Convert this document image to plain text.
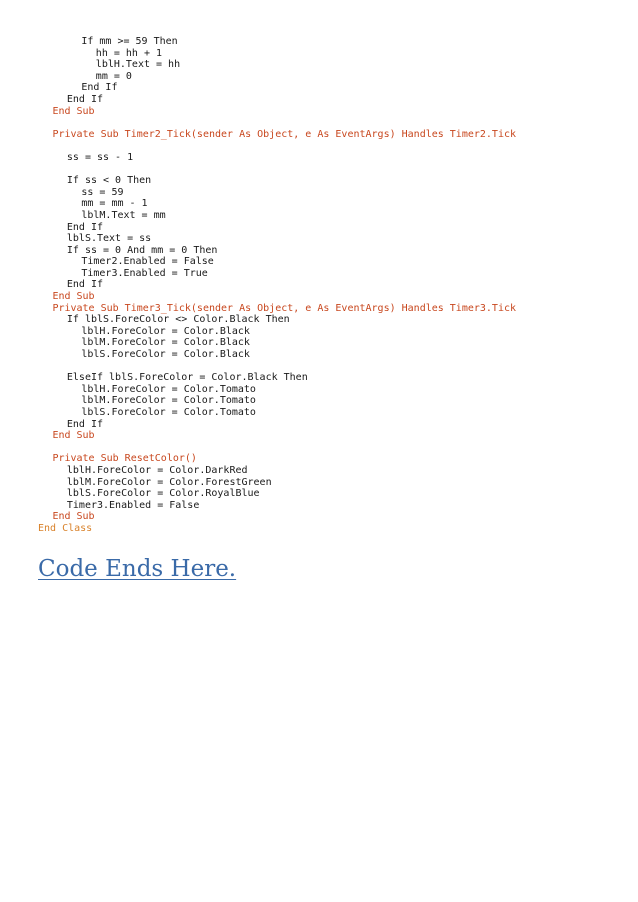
If mm >= 59 Then
hh = hh + 1
lblH.Text = hh
mm = 0
End If
End If
End Sub
Private Sub Timer2_Tick(sender As Object, e As EventArgs) Handles Timer2.Tick
ss = ss - 1
If ss < 0 Then
ss = 59
mm = mm - 1
lblM.Text = mm
End If
lblS.Text = ss
If ss = 0 And mm = 0 Then
Timer2.Enabled = False
Timer3.Enabled = True
End If
End Sub
Private Sub Timer3_Tick(sender As Object, e As EventArgs) Handles Timer3.Tick
If lblS.ForeColor <> Color.Black Then
lblH.ForeColor = Color.Black
lblM.ForeColor = Color.Black
lblS.ForeColor = Color.Black
ElseIf lblS.ForeColor = Color.Black Then
lblH.ForeColor = Color.Tomato
lblM.ForeColor = Color.Tomato
lblS.ForeColor = Color.Tomato
End If
End Sub
Private Sub ResetColor()
lblH.ForeColor = Color.DarkRed
lblM.ForeColor = Color.ForestGreen
lblS.ForeColor = Color.RoyalBlue
Timer3.Enabled = False
End Sub
End Class
Code Ends Here.
